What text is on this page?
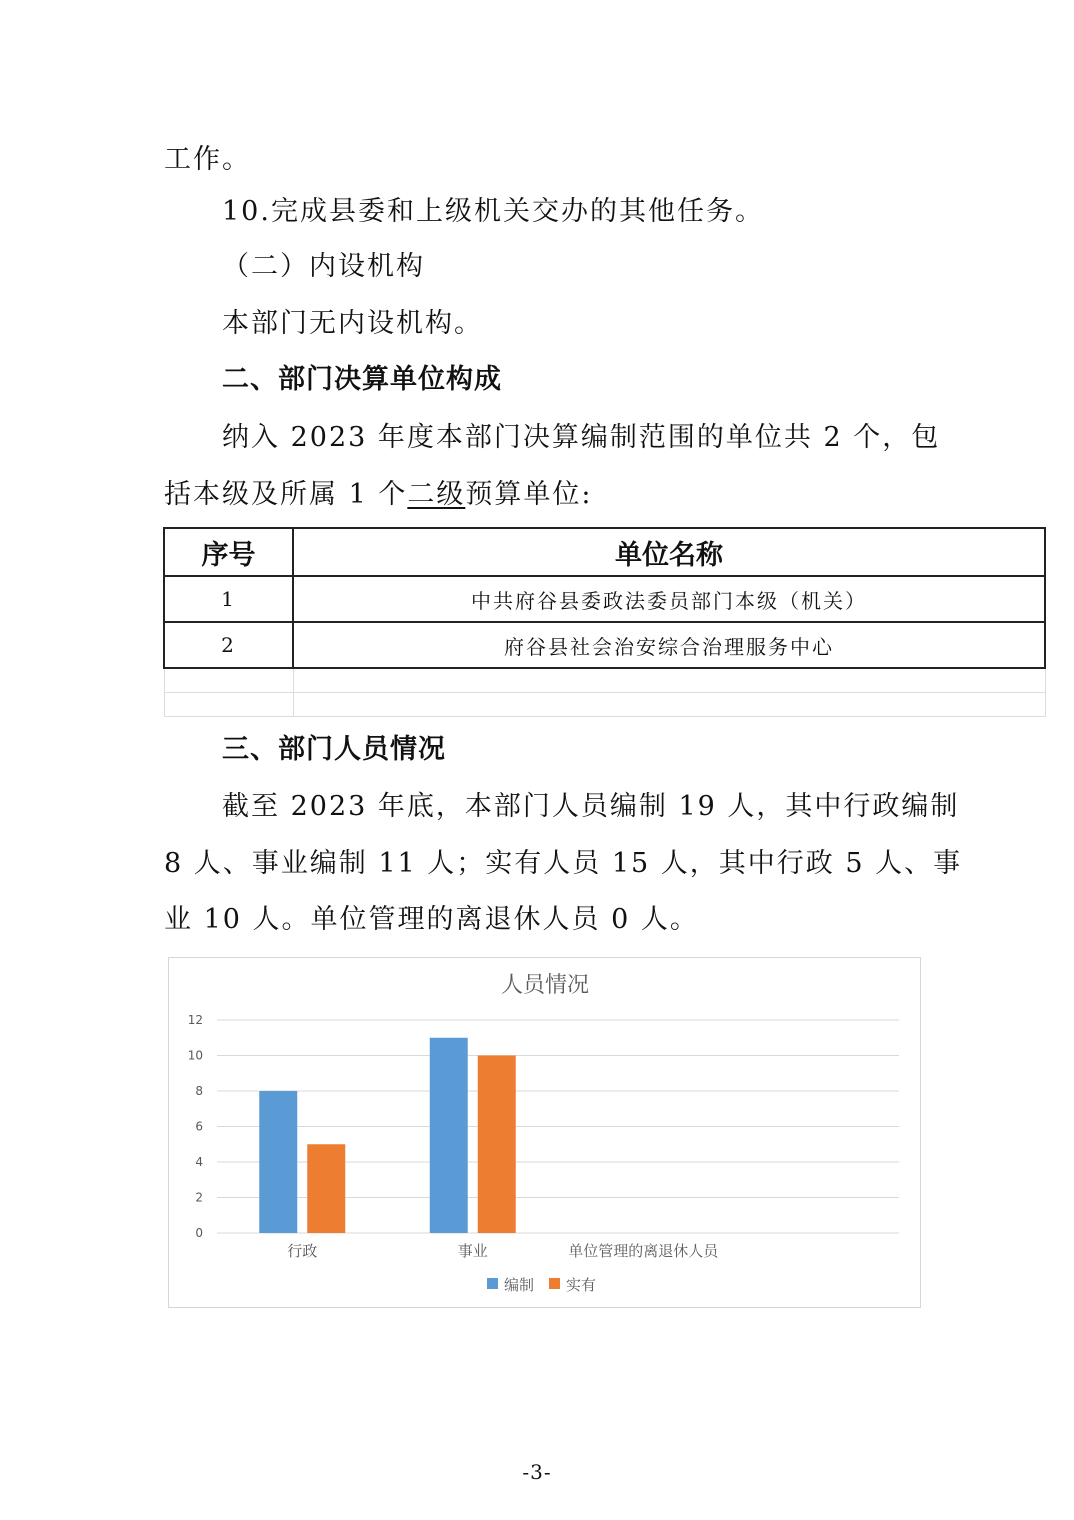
工作。
10.完成县委和上级机关交办的其他任务。
（二）内设机构
本部门无内设机构。
二、部门决算单位构成
纳入 2023 年度本部门决算编制范围的单位共 2 个，包
括本级及所属 1 个二级预算单位:
序号	单位名称
1	中共府谷县委政法委员部门本级（机关）
2	府谷县社会治安综合治理服务中心

三、部门人员情况
截至 2023 年底，本部门人员编制 19 人，其中行政编制
8 人、事业编制 11 人；实有人员 15 人，其中行政 5 人、事
业 10 人。单位管理的离退休人员 0 人。
人员情况
0
2
4
6
8
10
12
行政	事业	单位管理的离退休人员
编制 实有
-3-
